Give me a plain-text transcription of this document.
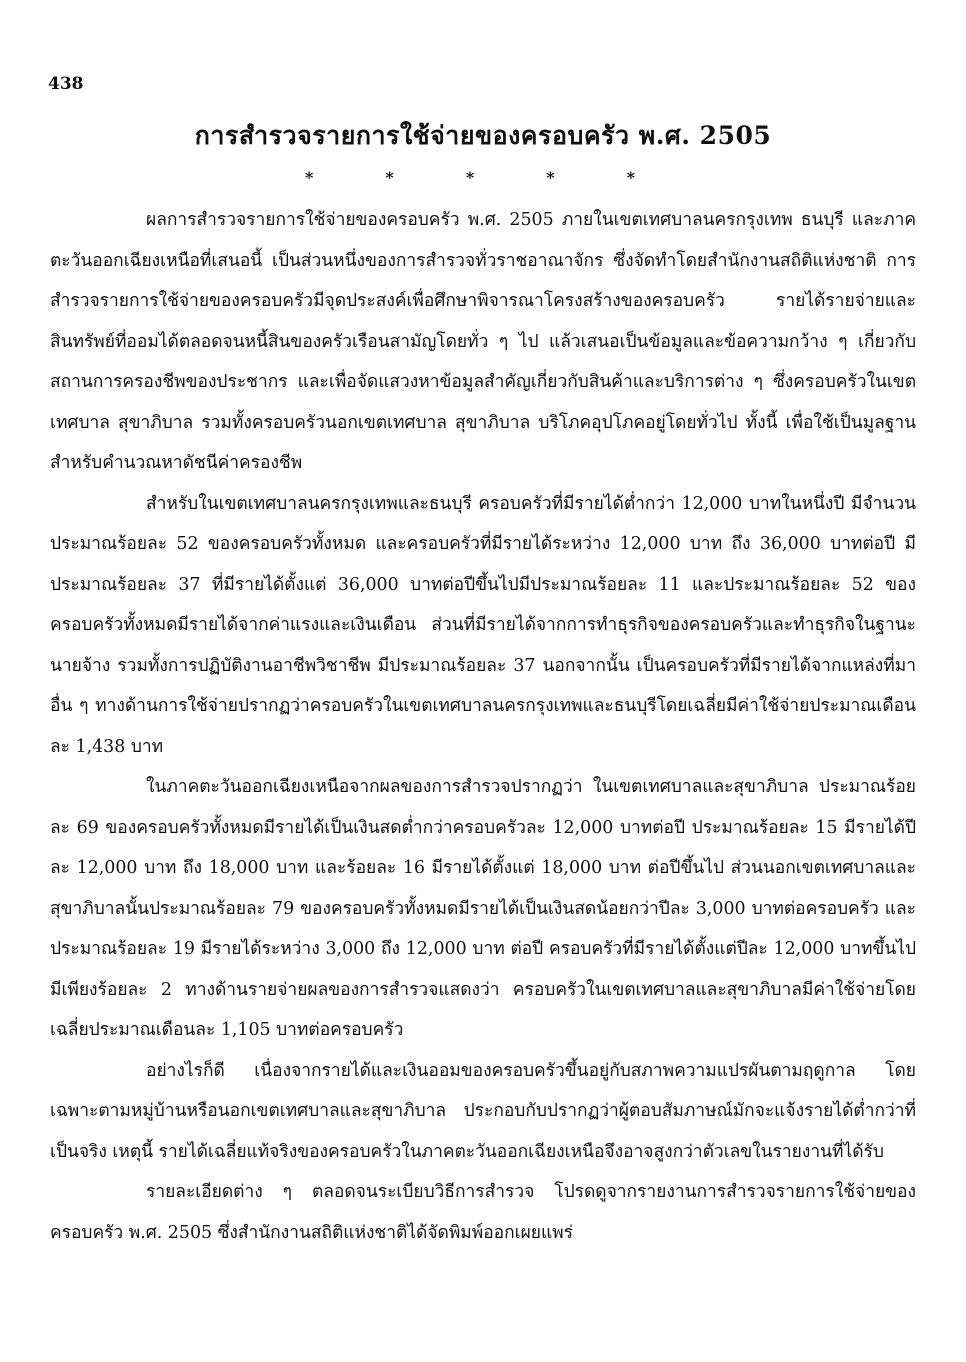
438
การสำรวจรายการใช้จ่ายของครอบครัว พ.ศ. 2505
*	*	*	*	*

ผลการสำรวจรายการใช้จ่ายของครอบครัว พ.ศ. 2505 ภายในเขตเทศบาลนครกรุงเทพ ธนบุรี และภาคตะวันออกเฉียงเหนือที่เสนอนี้ เป็นส่วนหนึ่งของการสำรวจทั่วราชอาณาจักร ซึ่งจัดทำโดยสำนักงานสถิติแห่งชาติ การสำรวจรายการใช้จ่ายของครอบครัวมีจุดประสงค์เพื่อศึกษาพิจารณาโครงสร้างของครอบครัว รายได้รายจ่ายและสินทรัพย์ที่ออมได้ตลอดจนหนี้สินของครัวเรือนสามัญโดยทั่ว ๆ ไป แล้วเสนอเป็นข้อมูลและข้อความกว้าง ๆ เกี่ยวกับสถานการครองชีพของประชากร และเพื่อจัดแสวงหาข้อมูลสำคัญเกี่ยวกับสินค้าและบริการต่าง ๆ ซึ่งครอบครัวในเขตเทศบาล สุขาภิบาล รวมทั้งครอบครัวนอกเขตเทศบาล สุขาภิบาล บริโภคอุปโภคอยู่โดยทั่วไป ทั้งนี้ เพื่อใช้เป็นมูลฐานสำหรับคำนวณหาดัชนีค่าครองชีพ

สำหรับในเขตเทศบาลนครกรุงเทพและธนบุรี ครอบครัวที่มีรายได้ต่ำกว่า 12,000 บาทในหนึ่งปี มีจำนวนประมาณร้อยละ 52 ของครอบครัวทั้งหมด และครอบครัวที่มีรายได้ระหว่าง 12,000 บาท ถึง 36,000 บาทต่อปี มีประมาณร้อยละ 37 ที่มีรายได้ตั้งแต่ 36,000 บาทต่อปีขึ้นไปมีประมาณร้อยละ 11 และประมาณร้อยละ 52 ของครอบครัวทั้งหมดมีรายได้จากค่าแรงและเงินเดือน ส่วนที่มีรายได้จากการทำธุรกิจของครอบครัวและทำธุรกิจในฐานะนายจ้าง รวมทั้งการปฏิบัติงานอาชีพวิชาชีพ มีประมาณร้อยละ 37 นอกจากนั้น เป็นครอบครัวที่มีรายได้จากแหล่งที่มาอื่น ๆ ทางด้านการใช้จ่ายปรากฏว่าครอบครัวในเขตเทศบาลนครกรุงเทพและธนบุรีโดยเฉลี่ยมีค่าใช้จ่ายประมาณเดือนละ 1,438 บาท

ในภาคตะวันออกเฉียงเหนือจากผลของการสำรวจปรากฏว่า ในเขตเทศบาลและสุขาภิบาล ประมาณร้อยละ 69 ของครอบครัวทั้งหมดมีรายได้เป็นเงินสดต่ำกว่าครอบครัวละ 12,000 บาทต่อปี ประมาณร้อยละ 15 มีรายได้ปีละ 12,000 บาท ถึง 18,000 บาท และร้อยละ 16 มีรายได้ตั้งแต่ 18,000 บาท ต่อปีขึ้นไป ส่วนนอกเขตเทศบาลและสุขาภิบาลนั้นประมาณร้อยละ 79 ของครอบครัวทั้งหมดมีรายได้เป็นเงินสดน้อยกว่าปีละ 3,000 บาทต่อครอบครัว และประมาณร้อยละ 19 มีรายได้ระหว่าง 3,000 ถึง 12,000 บาท ต่อปี ครอบครัวที่มีรายได้ตั้งแต่ปีละ 12,000 บาทขึ้นไป มีเพียงร้อยละ 2 ทางด้านรายจ่ายผลของการสำรวจแสดงว่า ครอบครัวในเขตเทศบาลและสุขาภิบาลมีค่าใช้จ่ายโดยเฉลี่ยประมาณเดือนละ 1,105 บาทต่อครอบครัว

อย่างไรก็ดี เนื่องจากรายได้และเงินออมของครอบครัวขึ้นอยู่กับสภาพความแปรผันตามฤดูกาล โดยเฉพาะตามหมู่บ้านหรือนอกเขตเทศบาลและสุขาภิบาล ประกอบกับปรากฏว่าผู้ตอบสัมภาษณ์มักจะแจ้งรายได้ต่ำกว่าที่เป็นจริง เหตุนี้ รายได้เฉลี่ยแท้จริงของครอบครัวในภาคตะวันออกเฉียงเหนือจึงอาจสูงกว่าตัวเลขในรายงานที่ได้รับ

รายละเอียดต่าง ๆ ตลอดจนระเบียบวิธีการสำรวจ โปรดดูจากรายงานการสำรวจรายการใช้จ่ายของครอบครัว พ.ศ. 2505 ซึ่งสำนักงานสถิติแห่งชาติได้จัดพิมพ์ออกเผยแพร่
